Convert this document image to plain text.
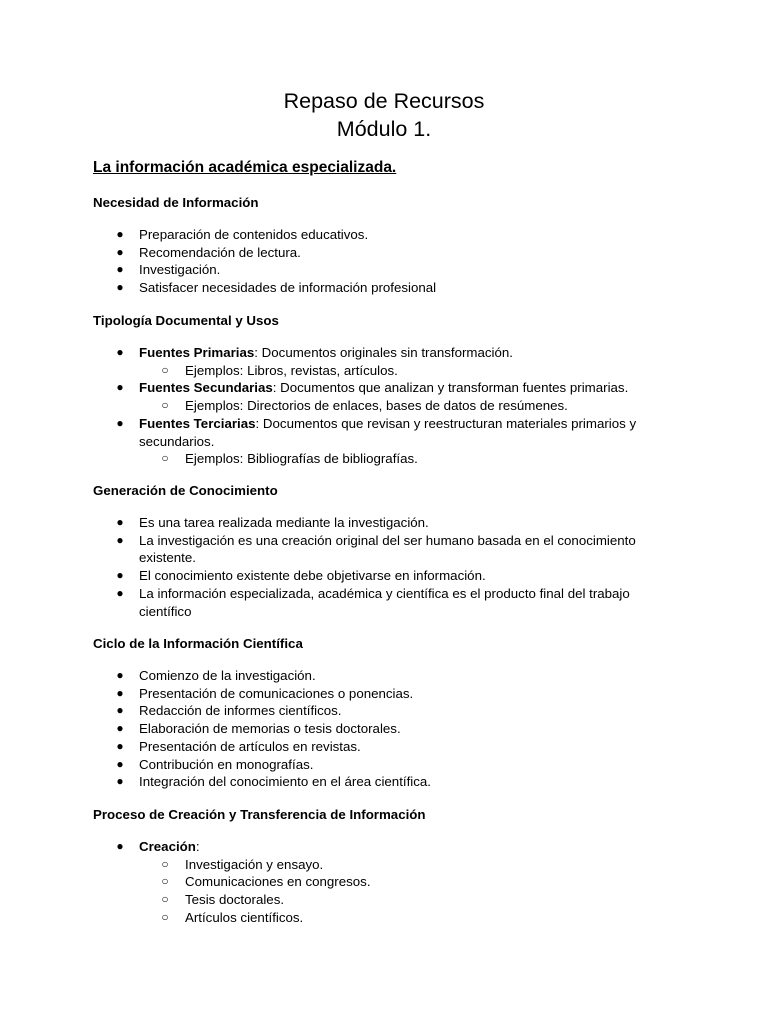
Repaso de Recursos
Módulo 1.
La información académica especializada.
Necesidad de Información
● Preparación de contenidos educativos.
● Recomendación de lectura.
● Investigación.
● Satisfacer necesidades de información profesional
Tipología Documental y Usos
● Fuentes Primarias: Documentos originales sin transformación.
○ Ejemplos: Libros, revistas, artículos.
● Fuentes Secundarias: Documentos que analizan y transforman fuentes primarias.
○ Ejemplos: Directorios de enlaces, bases de datos de resúmenes.
● Fuentes Terciarias: Documentos que revisan y reestructuran materiales primarios y secundarios.
○ Ejemplos: Bibliografías de bibliografías.
Generación de Conocimiento
● Es una tarea realizada mediante la investigación.
● La investigación es una creación original del ser humano basada en el conocimiento existente.
● El conocimiento existente debe objetivarse en información.
● La información especializada, académica y científica es el producto final del trabajo científico
Ciclo de la Información Científica
● Comienzo de la investigación.
● Presentación de comunicaciones o ponencias.
● Redacción de informes científicos.
● Elaboración de memorias o tesis doctorales.
● Presentación de artículos en revistas.
● Contribución en monografías.
● Integración del conocimiento en el área científica.
Proceso de Creación y Transferencia de Información
● Creación:
○ Investigación y ensayo.
○ Comunicaciones en congresos.
○ Tesis doctorales.
○ Artículos científicos.
